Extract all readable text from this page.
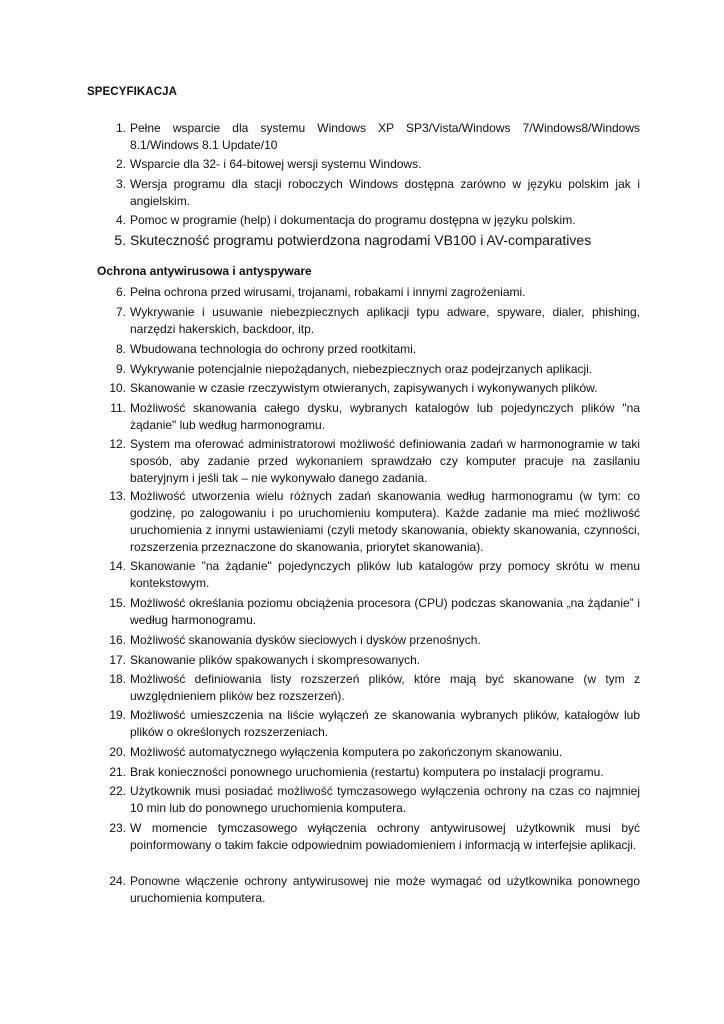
SPECYFIKACJA
1. Pełne wsparcie dla systemu Windows XP SP3/Vista/Windows 7/Windows8/Windows 8.1/Windows 8.1 Update/10
2. Wsparcie dla 32- i 64-bitowej wersji systemu Windows.
3. Wersja programu dla stacji roboczych Windows dostępna zarówno w języku polskim jak i angielskim.
4. Pomoc w programie (help) i dokumentacja do programu dostępna w języku polskim.
5. Skuteczność programu potwierdzona nagrodami VB100 i AV-comparatives
Ochrona antywirusowa i antyspyware
6. Pełna ochrona przed wirusami, trojanami, robakami i innymi zagrożeniami.
7. Wykrywanie i usuwanie niebezpiecznych aplikacji typu adware, spyware, dialer, phishing, narzędzi hakerskich, backdoor, itp.
8. Wbudowana technologia do ochrony przed rootkitami.
9. Wykrywanie potencjalnie niepożądanych, niebezpiecznych oraz podejrzanych aplikacji.
10. Skanowanie w czasie rzeczywistym otwieranych, zapisywanych i wykonywanych plików.
11. Możliwość skanowania całego dysku, wybranych katalogów lub pojedynczych plików "na żądanie" lub według harmonogramu.
12. System ma oferować administratorowi możliwość definiowania zadań w harmonogramie w taki sposób, aby zadanie przed wykonaniem sprawdzało czy komputer pracuje na zasilaniu bateryjnym i jeśli tak – nie wykonywało danego zadania.
13. Możliwość utworzenia wielu różnych zadań skanowania według harmonogramu (w tym: co godzinę, po zalogowaniu i po uruchomieniu komputera). Każde zadanie ma mieć możliwość uruchomienia z innymi ustawieniami (czyli metody skanowania, obiekty skanowania, czynności, rozszerzenia przeznaczone do skanowania, priorytet skanowania).
14. Skanowanie "na żądanie" pojedynczych plików lub katalogów przy pomocy skrótu w menu kontekstowym.
15. Możliwość określania poziomu obciążenia procesora (CPU) podczas skanowania „na żądanie” i według harmonogramu.
16. Możliwość skanowania dysków sieciowych i dysków przenośnych.
17. Skanowanie plików spakowanych i skompresowanych.
18. Możliwość definiowania listy rozszerzeń plików, które mają być skanowane (w tym z uwzględnieniem plików bez rozszerzeń).
19. Możliwość umieszczenia na liście wyłączeń ze skanowania wybranych plików, katalogów lub plików o określonych rozszerzeniach.
20. Możliwość automatycznego wyłączenia komputera po zakończonym skanowaniu.
21. Brak konieczności ponownego uruchomienia (restartu) komputera po instalacji programu.
22. Użytkownik musi posiadać możliwość tymczasowego wyłączenia ochrony na czas co najmniej 10 min lub do ponownego uruchomienia komputera.
23. W momencie tymczasowego wyłączenia ochrony antywirusowej użytkownik musi być poinformowany o takim fakcie odpowiednim powiadomieniem i informacją w interfejsie aplikacji.
24. Ponowne włączenie ochrony antywirusowej nie może wymagać od użytkownika ponownego uruchomienia komputera.
